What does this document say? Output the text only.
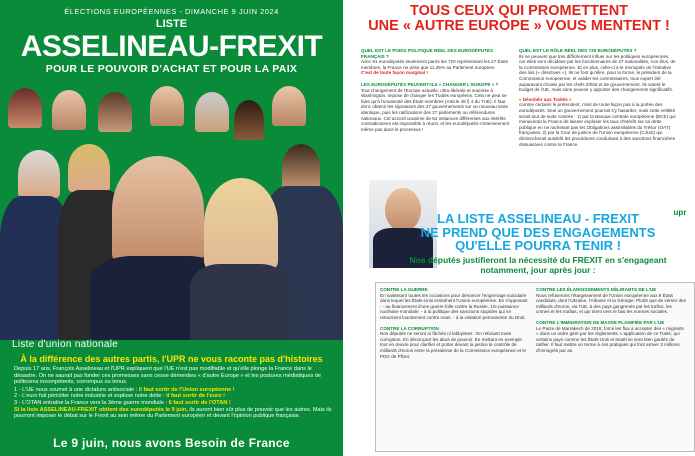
ÉLECTIONS EUROPÉENNES - DIMANCHE 9 JUIN 2024
LISTE
ASSELINEAU-FREXIT
POUR LE POUVOIR D'ACHAT ET POUR LA PAIX
Liste d'union nationale
À la différence des autres partis, l'UPR ne vous raconte pas d'histoires
Depuis 17 ans, François Asselineau et l'UPR expliquent que l'UE n'est pas modifiable et qu'elle plonge la France dans le désastre. On ne saurait pas fonder ces promesses sans cesse démenties « d'autre Europe » et les postures médiatiques de politiciens incompétents, corrompus ou tenus.
1 - L'UE nous soumet à une dictature antisociale : il faut sortir de l'Union européenne !
2 - L'euro fait péricliter notre industrie et explose notre dette : il faut sortir de l'euro !
3 - L'OTAN entraîne la France vers la 3ème guerre mondiale : il faut sortir de l'OTAN !
Si la liste ASSELINEAU-FREXIT obtient des eurodéputés le 9 juin, ils auront bien sûr plus de pouvoir que les autres. Mais ils pourront imposer le débat sur le Frexit au sein même du Parlement européen et devant l'opinion publique française.
Le 9 juin, nous avons Besoin de France
TOUS CEUX QUI PROMETTENT
UNE « AUTRE EUROPE » VOUS MENTENT !
QUEL EST LE POIDS POLITIQUE RÉEL DES EURODÉPUTÉS FRANÇAIS ?
Avec 81 eurodéputés seulement parmi les 720 représentant les 27 États membres, la France ne pèse que 11,25% au Parlement européen.
C'est de toute façon marginal !
LES EURODÉPUTÉS PEUVENT-ILS « CHANGER L'EUROPE » ?
Tout changement de l'Europe actuelle, ultra-libérale et soumise à Washington, impose de changer les Traités européens. Cela ne peut se faire qu'à l'unanimité des États membres (Article 48 § 4 du TUE). Il faut donc obtenir les signatures des 27 gouvernements sur un nouveau texte identique, puis les ratifications des 27 parlements ou référendums nationaux. Cet accord unanime de 54 instances différentes aux intérêts contradictoires est impossible à réunir, et les eurodéputés n'interviennent même pas dans le processus !
QUEL EST LE RÔLE RÉEL DES 720 EURODÉPUTÉS ?
Ils ne peuvent que très difficilement influer sur les politiques européennes, car elles sont décidées par les fonctionnaires de 27 nationalités, non élus, de la Commission européenne. Et en plus, celle-ci a le monopole de l'initiative des lois (« directives »). Ils ne font qu'élire, pour la forme, le président de la Commission européenne, et valider les commissaires, tous expert été auparavant choisis par les chefs d'État et de gouvernement. Ils votent le budget de l'UE, mais sans pouvoir y apporter des changements significatifs.
« Désobéir aux Traités »
comme certains le prétendent, n'est de toute façon pas à la portée des eurodéputés. Seul un gouvernement pourrait s'y hasarder, mais cette velléité serait tout de suite contrée : 1) par la Banque centrale européenne (BCE) qui menacerait la France de laisser exploser les taux d'intérêt sur sa dette publique en ne rachetant pas les Obligations assimilables du Trésor (OAT) françaises. 2) par la Cour de justice de l'Union européenne (CJUE) qui déclencherait aussitôt les procédures conduisant à des sanctions financières dissuasives contre la France.
LA LISTE ASSELINEAU - FREXIT
NE PREND QUE DES ENGAGEMENTS
QU'ELLE POURRA TENIR !
Nos députés justifieront la nécessité du FREXIT en s'engageant notamment, jour après jour :
upr
CONTRE LA GUERRE
En saisissant toutes les occasions pour dénoncer l'engrenage suicidaire dans lequel les États-Unis entraînent l'Union européenne. En s'opposant : - au financement d'une guerre folle contre la Russie, 1re puissance nucléaire mondiale. - à la politique des sanctions stupides qui se retournent lourdement contre nous. - à la violation permanente du Droit.
CONTRE LA CORRUPTION
Nos députés ne seront ni fâchés ni lobbyistes : En refusant toute corruption. En dénonçant les abus de pouvoir. En mettant en exemple tout en œuvre pour clarifier et porter devant la justice le contrôle de milliards d'euros entre la présidente de la Commission européenne et le PDG de Pfizer.
CONTRE LES ÉLARGISSEMENTS DÉLIRANTS DE L'UE
Nous refuserons l'élargissement de l'Union européenne aux 9 États candidats, dont l'Ukraine, l'Albanie et la Géorgie. Plutôt que de verser des milliards d'euros, via l'UE, à des pays gangrenés par les trafics, les crimes et les mafias, et qui tirent vers le bas les normes sociales.
CONTRE L'IMMIGRATION DE MASSE PLANIFIÉE PAR L'UE
Le Pacte de Marrakech de 2018, forcé les flux à accepter des « migrants » dans un ordre géré par les règlements. L'application de ce Traité, qui certains pays comme les États-Unis et Israël se sont bien gardés de ratifier. Il faut mettre un terme à ces pratiques qui font arriver 3 millions d'immigrés par an.
